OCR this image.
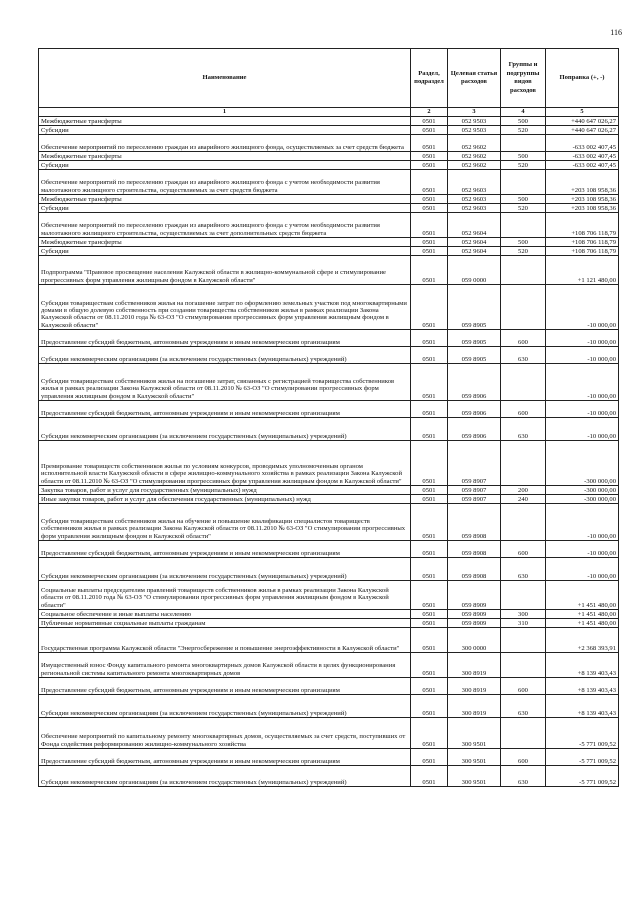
116
Наименование	Раздел, подраздел	Целевая статья расходов	Группы и подгруппы видов расходов	Поправка (+, -)
1	2	3	4	5
Межбюджетные трансферты	0501	052 9503	500	+440 647 026,27
Субсидии	0501	052 9503	520	+440 647 026,27
Обеспечение мероприятий по переселению граждан из аварийного жилищного фонда, осуществляемых за счет средств бюджета	0501	052 9602		-633 002 407,45
Межбюджетные трансферты	0501	052 9602	500	-633 002 407,45
Субсидии	0501	052 9602	520	-633 002 407,45
Обеспечение мероприятий по переселению граждан из аварийного жилищного фонда с учетом необходимости развития малоэтажного жилищного строительства, осуществляемых за счет средств бюджета	0501	052 9603		+203 108 958,36
Межбюджетные трансферты	0501	052 9603	500	+203 108 958,36
Субсидии	0501	052 9603	520	+203 108 958,36
Обеспечение мероприятий по переселению граждан из аварийного жилищного фонда с учетом необходимости развития малоэтажного жилищного строительства, осуществляемых за счет дополнительных средств бюджета	0501	052 9604		+108 706 118,79
Межбюджетные трансферты	0501	052 9604	500	+108 706 118,79
Субсидии	0501	052 9604	520	+108 706 118,79
Подпрограмма "Правовое просвещение населения Калужской области в жилищно-коммунальной сфере и стимулирование прогрессивных форм управления жилищным фондом в Калужской области"	0501	059 0000		+1 121 480,00
Субсидии товариществам собственников жилья на погашение затрат по оформлению земельных участков под многоквартирными домами в общую долевую собственность при создании товарищества собственников жилья в рамках реализации Закона Калужской области от 08.11.2010 года № 63-ОЗ "О стимулировании прогрессивных форм управления жилищным фондом в Калужской области"	0501	059 8905		-10 000,00
Предоставление субсидий бюджетным, автономным учреждениям и иным некоммерческим организациям	0501	059 8905	600	-10 000,00
Субсидии некоммерческим организациям (за исключением государственных (муниципальных) учреждений)	0501	059 8905	630	-10 000,00
Субсидии товариществам собственников жилья на погашение затрат, связанных с регистрацией товарищества собственников жилья в рамках реализации Закона Калужской области от 08.11.2010 № 63-ОЗ "О стимулировании прогрессивных форм управления жилищным фондом в Калужской области"	0501	059 8906		-10 000,00
Предоставление субсидий бюджетным, автономным учреждениям и иным некоммерческим организациям	0501	059 8906	600	-10 000,00
Субсидии некоммерческим организациям (за исключением государственных (муниципальных) учреждений)	0501	059 8906	630	-10 000,00
Премирование товариществ собственников жилья по условиям конкурсов, проводимых уполномоченным органом исполнительной власти Калужской области в сфере жилищно-коммунального хозяйства в рамках реализации Закона Калужской области от 08.11.2010 № 63-ОЗ "О стимулировании прогрессивных форм управления жилищным фондом в Калужской области"	0501	059 8907		-300 000,00
Закупка товаров, работ и услуг для государственных (муниципальных) нужд	0501	059 8907	200	-300 000,00
Иные закупки товаров, работ и услуг для обеспечения государственных (муниципальных) нужд	0501	059 8907	240	-300 000,00
Субсидии товариществам собственников жилья на обучение и повышение квалификации специалистов товариществ собственников жилья в рамках реализации Закона Калужской области от 08.11.2010 № 63-ОЗ "О стимулировании прогрессивных форм управления жилищным фондом в Калужской области"	0501	059 8908		-10 000,00
Предоставление субсидий бюджетным, автономным учреждениям и иным некоммерческим организациям	0501	059 8908	600	-10 000,00
Субсидии некоммерческим организациям (за исключением государственных (муниципальных) учреждений)	0501	059 8908	630	-10 000,00
Социальные выплаты председателям правлений товариществ собственников жилья в рамках реализации Закона Калужской области от 08.11.2010 года № 63-ОЗ "О стимулировании прогрессивных форм управления жилищным фондом в Калужской области"	0501	059 8909		+1 451 480,00
Социальное обеспечение и иные выплаты населению	0501	059 8909	300	+1 451 480,00
Публичные нормативные социальные выплаты гражданам	0501	059 8909	310	+1 451 480,00
Государственная программа Калужской области "Энергосбережение и повышение энергоэффективности в Калужской области"	0501	300 0000		+2 368 393,91
Имущественный взнос Фонду капитального ремонта многоквартирных домов Калужской области в целях функционирования региональной системы капитального ремонта многоквартирных домов	0501	300 8919		+8 139 403,43
Предоставление субсидий бюджетным, автономным учреждениям и иным некоммерческим организациям	0501	300 8919	600	+8 139 403,43
Субсидии некоммерческим организациям (за исключением государственных (муниципальных) учреждений)	0501	300 8919	630	+8 139 403,43
Обеспечение мероприятий по капитальному ремонту многоквартирных домов, осуществляемых за счет средств, поступивших от Фонда содействия реформированию жилищно-коммунального хозяйства	0501	300 9501		-5 771 009,52
Предоставление субсидий бюджетным, автономным учреждениям и иным некоммерческим организациям	0501	300 9501	600	-5 771 009,52
Субсидии некоммерческим организациям (за исключением государственных (муниципальных) учреждений)	0501	300 9501	630	-5 771 009,52
